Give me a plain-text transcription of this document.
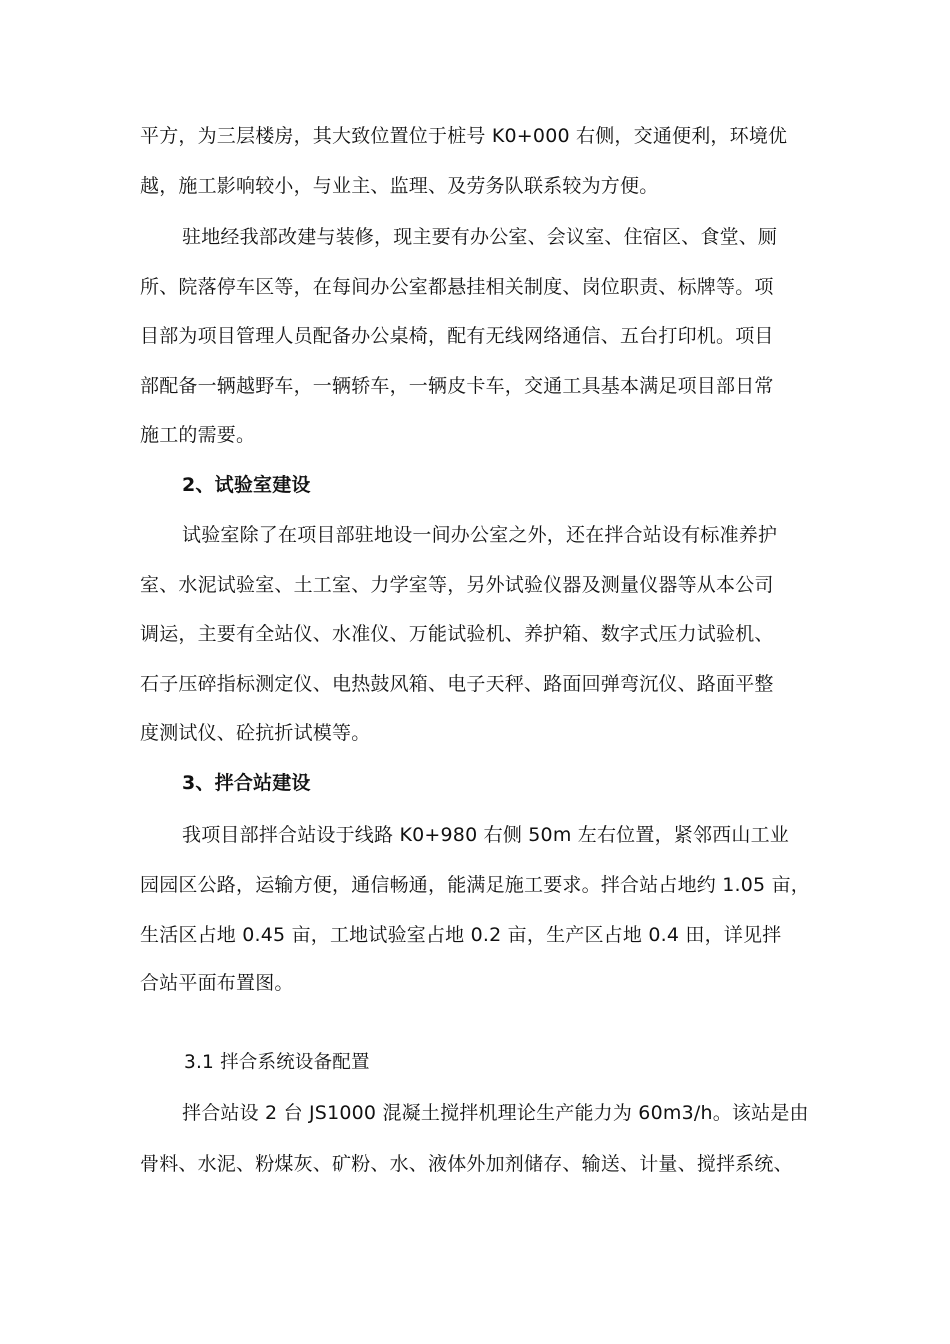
平方，为三层楼房，其大致位置位于桩号 K0+000 右侧，交通便利，环境优
越，施工影响较小，与业主、监理、及劳务队联系较为方便。
驻地经我部改建与装修，现主要有办公室、会议室、住宿区、食堂、厕
所、院落停车区等，在每间办公室都悬挂相关制度、岗位职责、标牌等。项
目部为项目管理人员配备办公桌椅，配有无线网络通信、五台打印机。项目
部配备一辆越野车，一辆轿车，一辆皮卡车，交通工具基本满足项目部日常
施工的需要。
2、试验室建设
试验室除了在项目部驻地设一间办公室之外，还在拌合站设有标准养护
室、水泥试验室、土工室、力学室等，另外试验仪器及测量仪器等从本公司
调运，主要有全站仪、水准仪、万能试验机、养护箱、数字式压力试验机、
石子压碎指标测定仪、电热鼓风箱、电子天秤、路面回弹弯沉仪、路面平整
度测试仪、砼抗折试模等。
3、拌合站建设
我项目部拌合站设于线路 K0+980 右侧 50m 左右位置，紧邻西山工业
园园区公路，运输方便，通信畅通，能满足施工要求。拌合站占地约 1.05 亩，
生活区占地 0.45 亩，工地试验室占地 0.2 亩，生产区占地 0.4 田，详见拌
合站平面布置图。
3.1 拌合系统设备配置
拌合站设 2 台 JS1000 混凝土搅拌机理论生产能力为 60m3/h。该站是由
骨料、水泥、粉煤灰、矿粉、水、液体外加剂储存、输送、计量、搅拌系统、
